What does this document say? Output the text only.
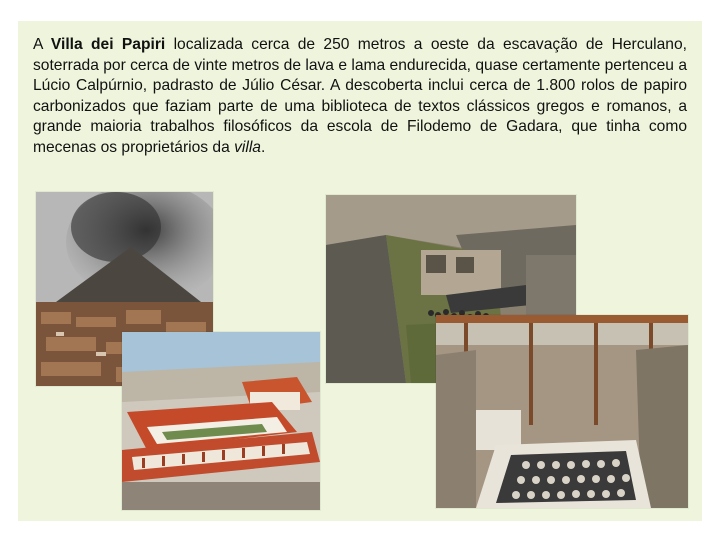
A Villa dei Papiri localizada cerca de 250 metros a oeste da escavação de Herculano, soterrada por cerca de vinte metros de lava e lama endurecida, quase certamente pertenceu a Lúcio Calpúrnio, padrasto de Júlio César. A descoberta inclui cerca de 1.800 rolos de papiro carbonizados que faziam parte de uma biblioteca de textos clássicos gregos e romanos, a grande maioria trabalhos filosóficos da escola de Filodemo de Gadara, que tinha como mecenas os proprietários da villa.
